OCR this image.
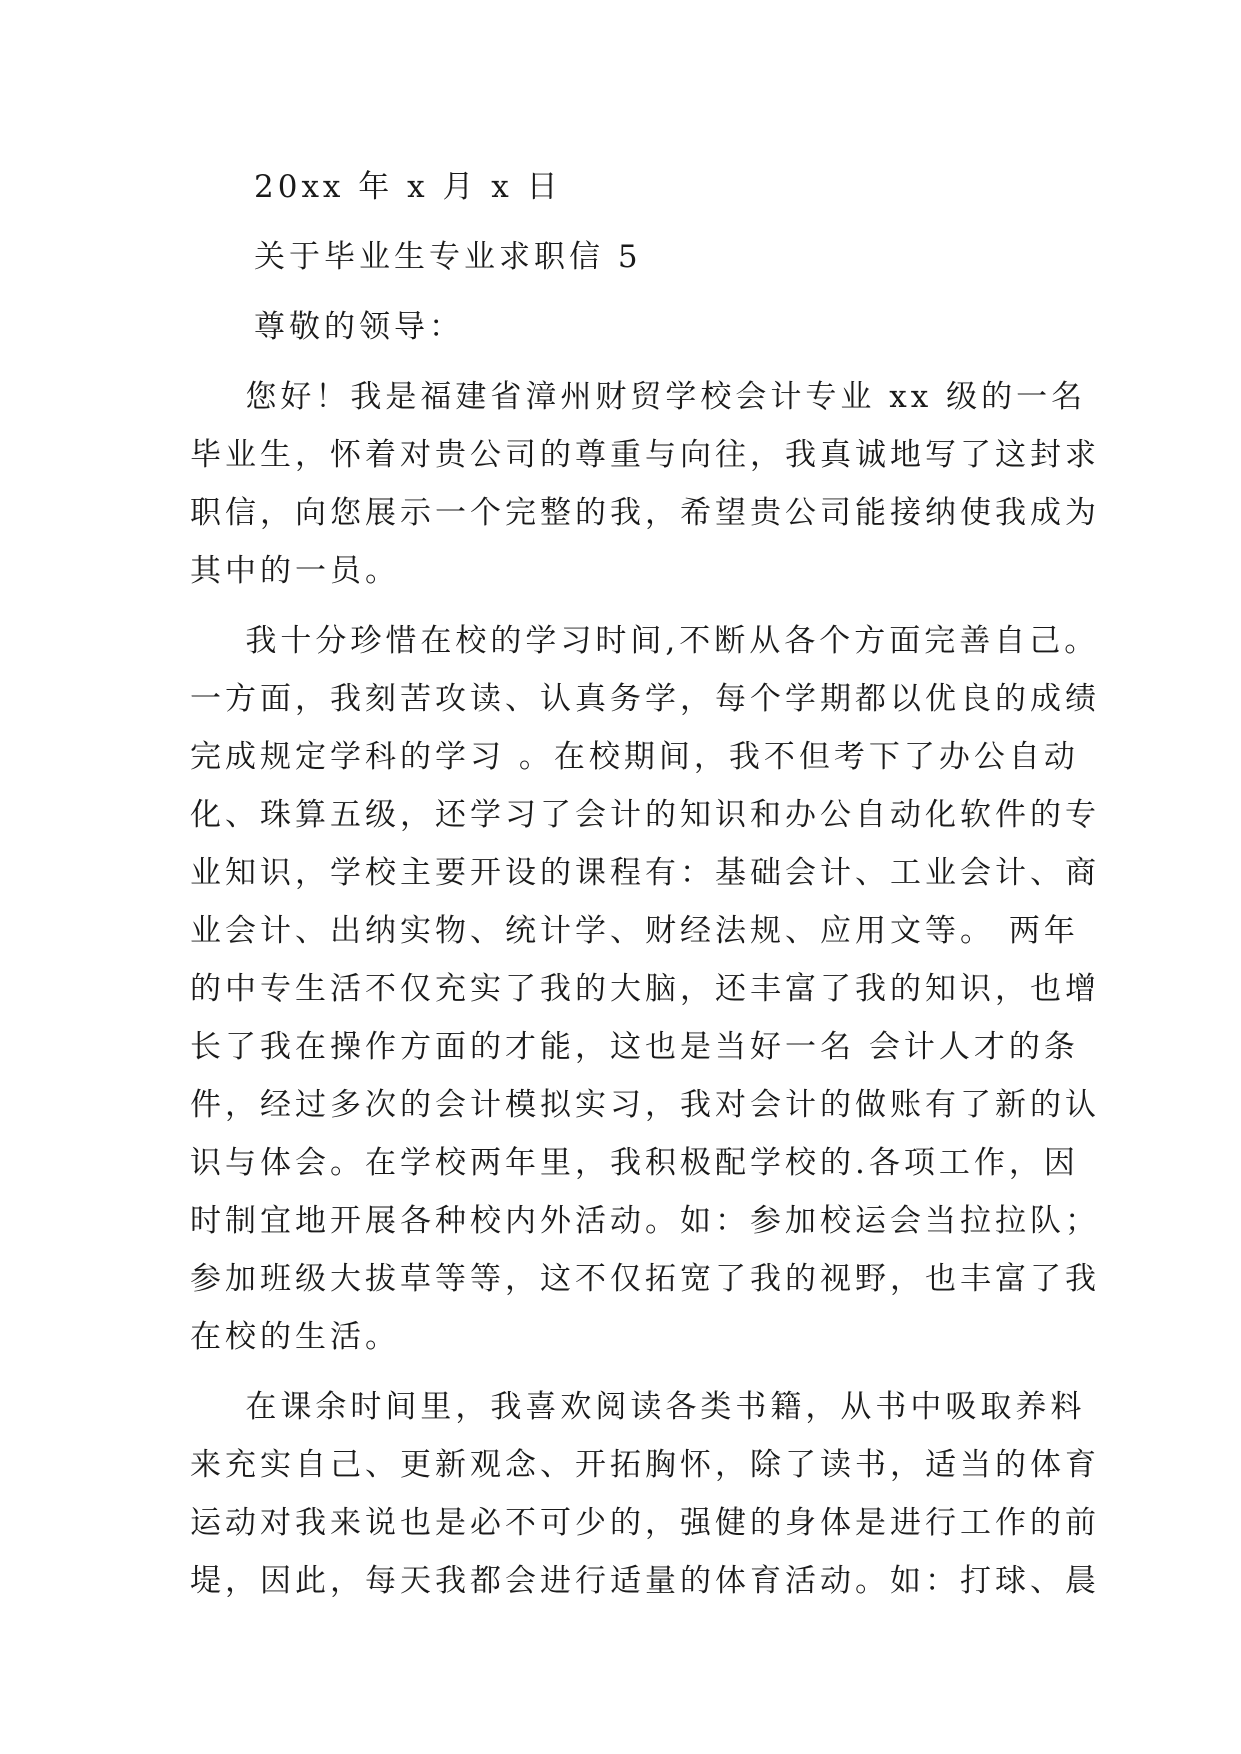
20xx 年 x 月 x 日
关于毕业生专业求职信 5
尊敬的领导：
您好！我是福建省漳州财贸学校会计专业 xx 级的一名
毕业生，怀着对贵公司的尊重与向往，我真诚地写了这封求
职信，向您展示一个完整的我，希望贵公司能接纳使我成为
其中的一员。
我十分珍惜在校的学习时间,不断从各个方面完善自己。
一方面，我刻苦攻读、认真务学，每个学期都以优良的成绩
完成规定学科的学习 。在校期间，我不但考下了办公自动
化、珠算五级，还学习了会计的知识和办公自动化软件的专
业知识，学校主要开设的课程有：基础会计、工业会计、商
业会计、出纳实物、统计学、财经法规、应用文等。 两年
的中专生活不仅充实了我的大脑，还丰富了我的知识，也增
长了我在操作方面的才能，这也是当好一名 会计人才的条
件，经过多次的会计模拟实习，我对会计的做账有了新的认
识与体会。在学校两年里，我积极配学校的.各项工作，因
时制宜地开展各种校内外活动。如：参加校运会当拉拉队；
参加班级大拔草等等，这不仅拓宽了我的视野，也丰富了我
在校的生活。
在课余时间里，我喜欢阅读各类书籍，从书中吸取养料
来充实自己、更新观念、开拓胸怀，除了读书，适当的体育
运动对我来说也是必不可少的，强健的身体是进行工作的前
堤，因此，每天我都会进行适量的体育活动。如：打球、晨
